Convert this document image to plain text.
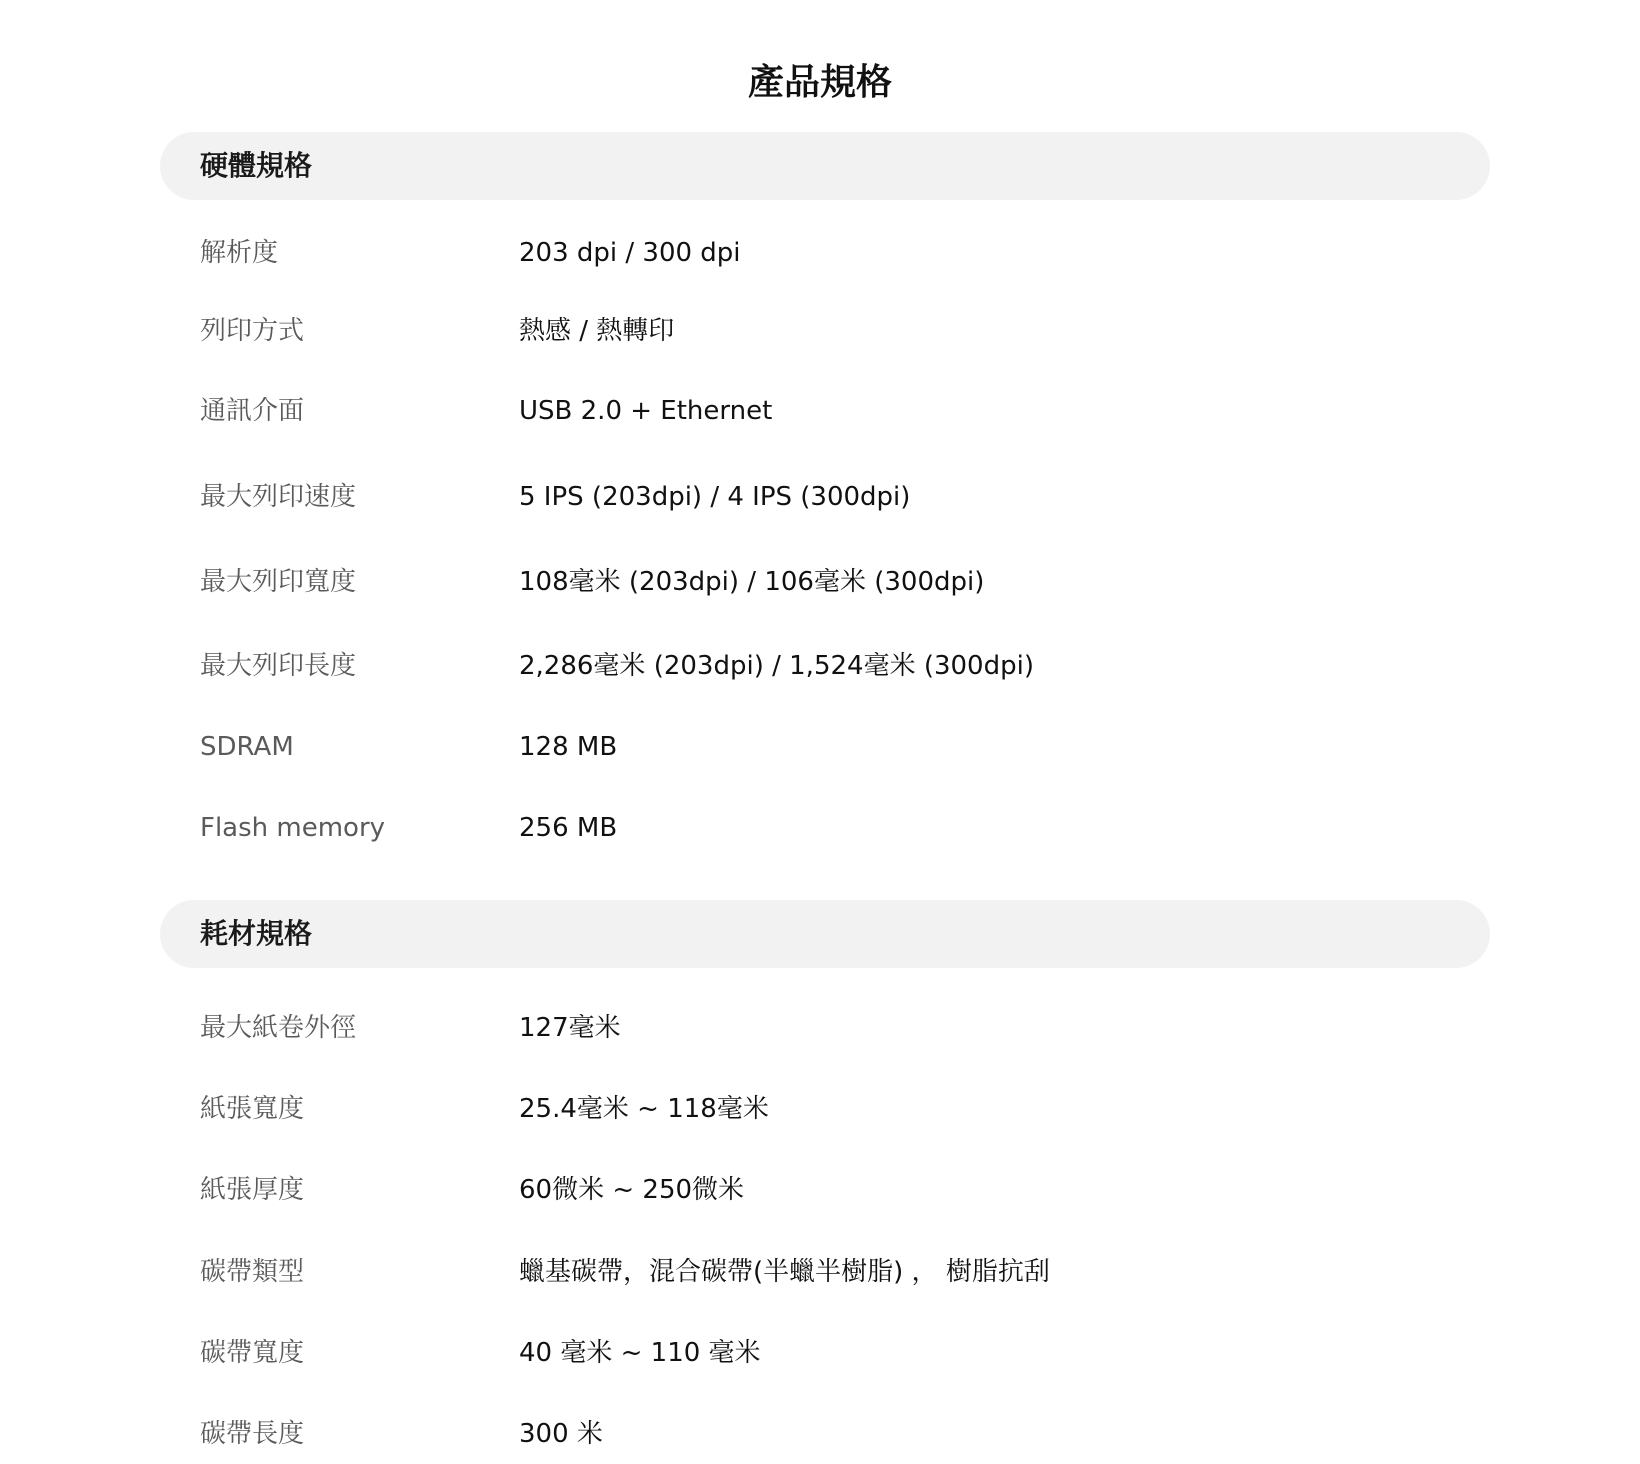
產品規格
硬體規格
解析度	203 dpi / 300 dpi
列印方式	熱感 / 熱轉印
通訊介面	USB 2.0 + Ethernet
最大列印速度	5 IPS (203dpi) / 4 IPS (300dpi)
最大列印寬度	108毫米 (203dpi) / 106毫米 (300dpi)
最大列印長度	2,286毫米 (203dpi) / 1,524毫米 (300dpi)
SDRAM	128 MB
Flash memory	256 MB
耗材規格
最大紙卷外徑	127毫米
紙張寬度	25.4毫米 ~ 118毫米
紙張厚度	60微米 ~ 250微米
碳帶類型	蠟基碳帶，混合碳帶(半蠟半樹脂) ， 樹脂抗刮
碳帶寬度	40 毫米 ~ 110 毫米
碳帶長度	300 米
